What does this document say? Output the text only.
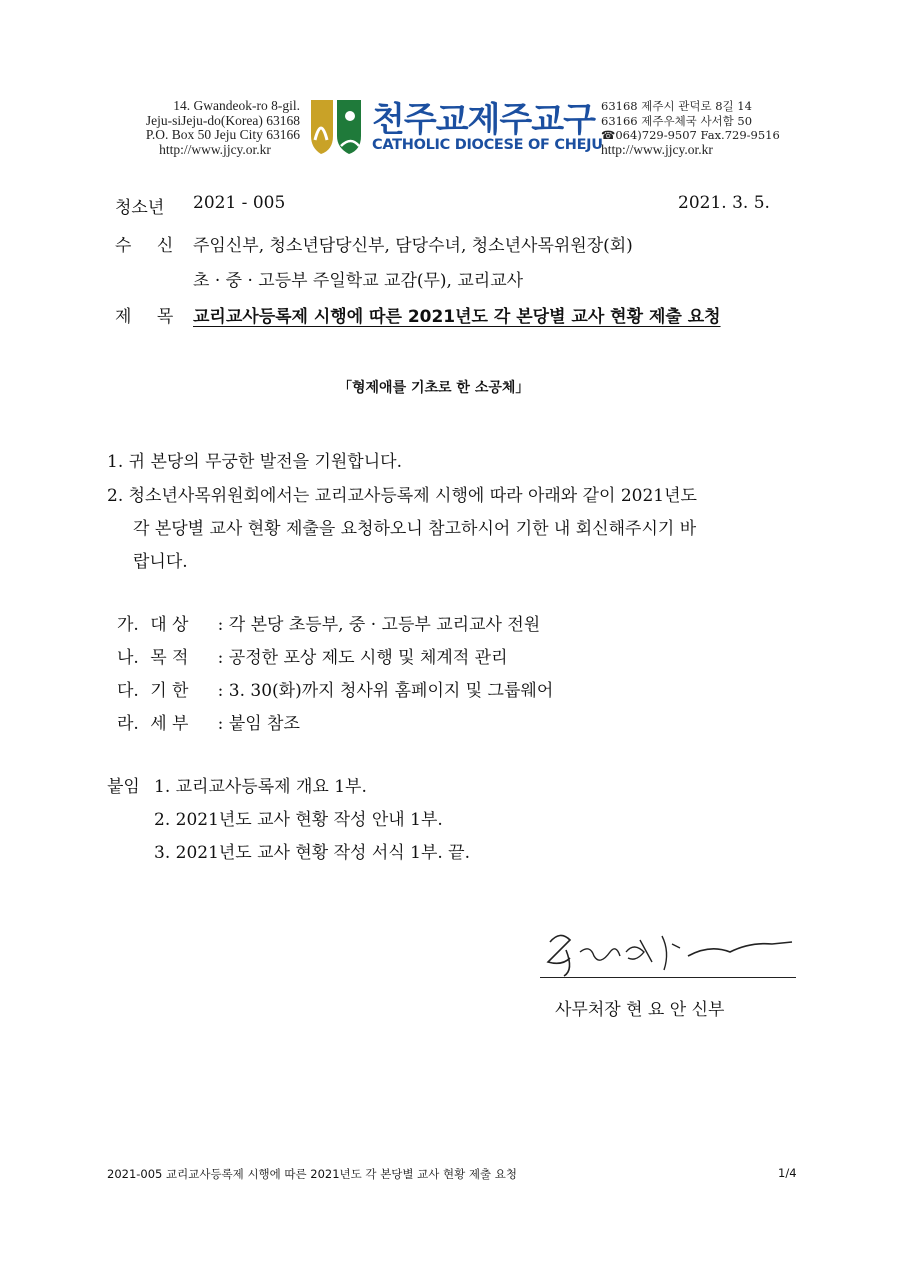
14. Gwandeok-ro 8-gil.
Jeju-siJeju-do(Korea) 63168
P.O. Box 50 Jeju City 63166
http://www.jjcy.or.kr
천주교제주교구
CATHOLIC DIOCESE OF CHEJU
63168 제주시 관덕로 8길 14
63166 제주우체국 사서함 50
☎064)729-9507 Fax.729-9516
http://www.jjcy.or.kr
청소년 2021 - 005	2021. 3. 5.
수 신 주임신부, 청소년담당신부, 담당수녀, 청소년사목위원장(회)
초 · 중 · 고등부 주일학교 교감(무), 교리교사
제 목 교리교사등록제 시행에 따른 2021년도 각 본당별 교사 현황 제출 요청
「형제애를 기초로 한 소공체」
1. 귀 본당의 무궁한 발전을 기원합니다.
2. 청소년사목위원회에서는 교리교사등록제 시행에 따라 아래와 같이 2021년도
각 본당별 교사 현황 제출을 요청하오니 참고하시어 기한 내 회신해주시기 바
랍니다.
가. 대 상 : 각 본당 초등부, 중 · 고등부 교리교사 전원
나. 목 적 : 공정한 포상 제도 시행 및 체계적 관리
다. 기 한 : 3. 30(화)까지 청사위 홈페이지 및 그룹웨어
라. 세 부 : 붙임 참조
붙임 1. 교리교사등록제 개요 1부.
2. 2021년도 교사 현황 작성 안내 1부.
3. 2021년도 교사 현황 작성 서식 1부. 끝.
사무처장 현 요 안 신부
2021-005 교리교사등록제 시행에 따른 2021년도 각 본당별 교사 현황 제출 요청	1/4
